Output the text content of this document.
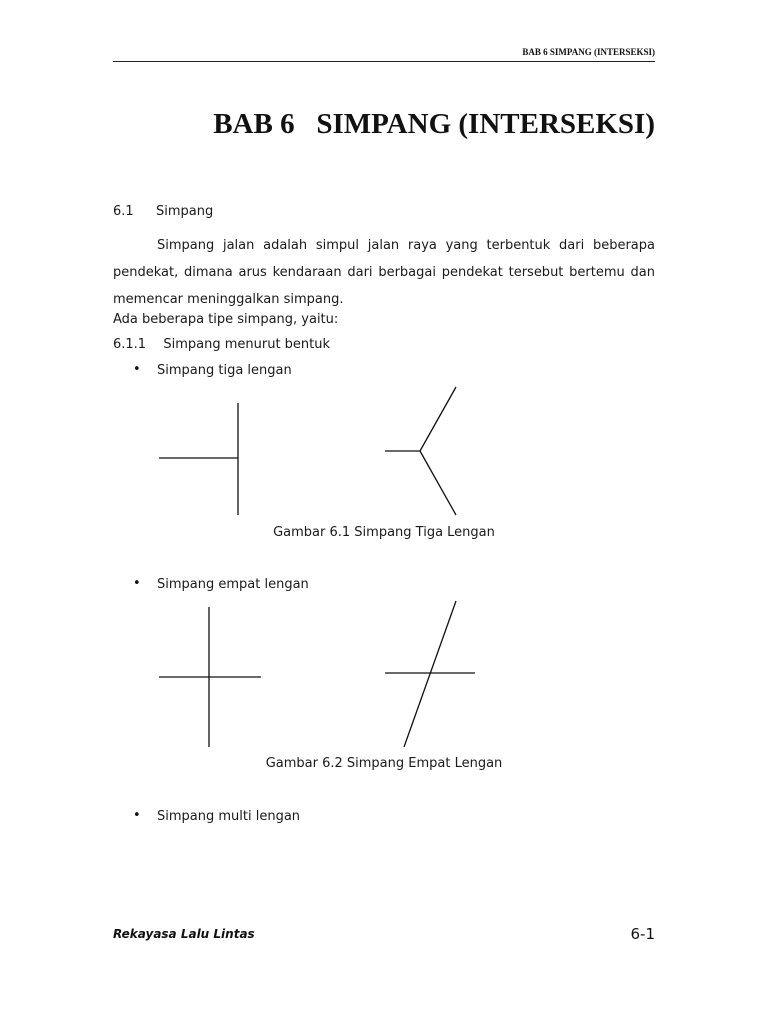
BAB 6 SIMPANG (INTERSEKSI)
BAB 6   SIMPANG (INTERSEKSI)
6.1 Simpang
Simpang jalan adalah simpul jalan raya yang terbentuk dari beberapa pendekat, dimana arus kendaraan dari berbagai pendekat tersebut bertemu dan memencar meninggalkan simpang.
Ada beberapa tipe simpang, yaitu:
6.1.1 Simpang menurut bentuk
• Simpang tiga lengan
Gambar 6.1 Simpang Tiga Lengan
• Simpang empat lengan
Gambar 6.2 Simpang Empat Lengan
• Simpang multi lengan
Rekayasa Lalu Lintas	6-1
